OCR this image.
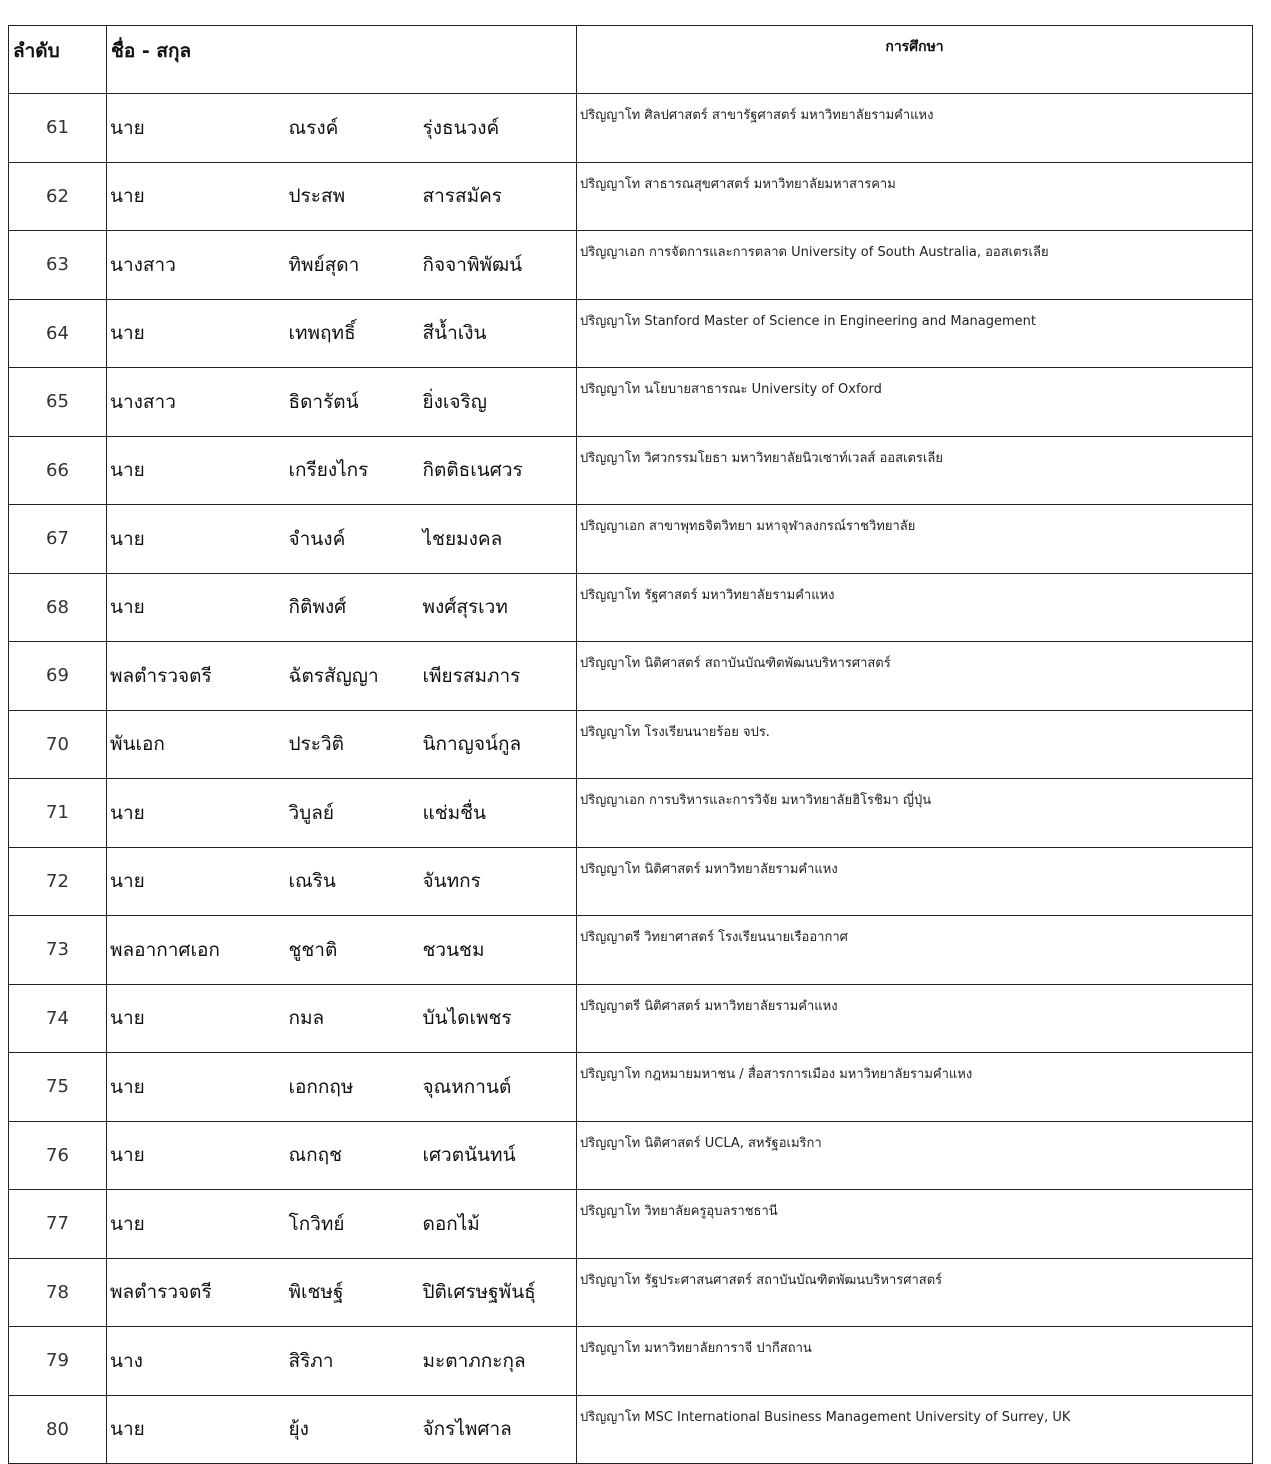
ลำดับ	ชื่อ - สกุล			การศึกษา
61	นาย	ณรงค์	รุ่งธนวงค์	ปริญญาโท ศิลปศาสตร์ สาขารัฐศาสตร์ มหาวิทยาลัยรามคำแหง
62	นาย	ประสพ	สารสมัคร	ปริญญาโท สาธารณสุขศาสตร์ มหาวิทยาลัยมหาสารคาม
63	นางสาว	ทิพย์สุดา	กิจจาพิพัฒน์	ปริญญาเอก การจัดการและการตลาด University of South Australia, ออสเตรเลีย
64	นาย	เทพฤทธิ์	สีน้ำเงิน	ปริญญาโท Stanford Master of Science in Engineering and Management
65	นางสาว	ธิดารัตน์	ยิ่งเจริญ	ปริญญาโท นโยบายสาธารณะ University of Oxford
66	นาย	เกรียงไกร	กิตติธเนศวร	ปริญญาโท วิศวกรรมโยธา มหาวิทยาลัยนิวเซาท์เวลส์ ออสเตรเลีย
67	นาย	จำนงค์	ไชยมงคล	ปริญญาเอก สาขาพุทธจิตวิทยา มหาจุฬาลงกรณ์ราชวิทยาลัย
68	นาย	กิติพงศ์	พงศ์สุรเวท	ปริญญาโท รัฐศาสตร์ มหาวิทยาลัยรามคำแหง
69	พลตำรวจตรี	ฉัตรสัญญา	เพียรสมภาร	ปริญญาโท นิติศาสตร์ สถาบันบัณฑิตพัฒนบริหารศาสตร์
70	พันเอก	ประวิติ	นิกาญจน์กูล	ปริญญาโท โรงเรียนนายร้อย จปร.
71	นาย	วิบูลย์	แช่มชื่น	ปริญญาเอก การบริหารและการวิจัย มหาวิทยาลัยฮิโรชิมา ญี่ปุ่น
72	นาย	เณริน	จันทกร	ปริญญาโท นิติศาสตร์ มหาวิทยาลัยรามคำแหง
73	พลอากาศเอก	ชูชาติ	ชวนชม	ปริญญาตรี วิทยาศาสตร์ โรงเรียนนายเรืออากาศ
74	นาย	กมล	บันไดเพชร	ปริญญาตรี นิติศาสตร์ มหาวิทยาลัยรามคำแหง
75	นาย	เอกกฤษ	จุณหกานต์	ปริญญาโท กฎหมายมหาชน / สื่อสารการเมือง มหาวิทยาลัยรามคำแหง
76	นาย	ณกฤช	เศวตนันทน์	ปริญญาโท นิติศาสตร์ UCLA, สหรัฐอเมริกา
77	นาย	โกวิทย์	ดอกไม้	ปริญญาโท วิทยาลัยครูอุบลราชธานี
78	พลตำรวจตรี	พิเชษฐ์	ปิติเศรษฐพันธุ์	ปริญญาโท รัฐประศาสนศาสตร์ สถาบันบัณฑิตพัฒนบริหารศาสตร์
79	นาง	สิริภา	มะตาภกะกุล	ปริญญาโท มหาวิทยาลัยการาจี ปากีสถาน
80	นาย	ยุ้ง	จักรไพศาล	ปริญญาโท MSC International Business Management University of Surrey, UK
